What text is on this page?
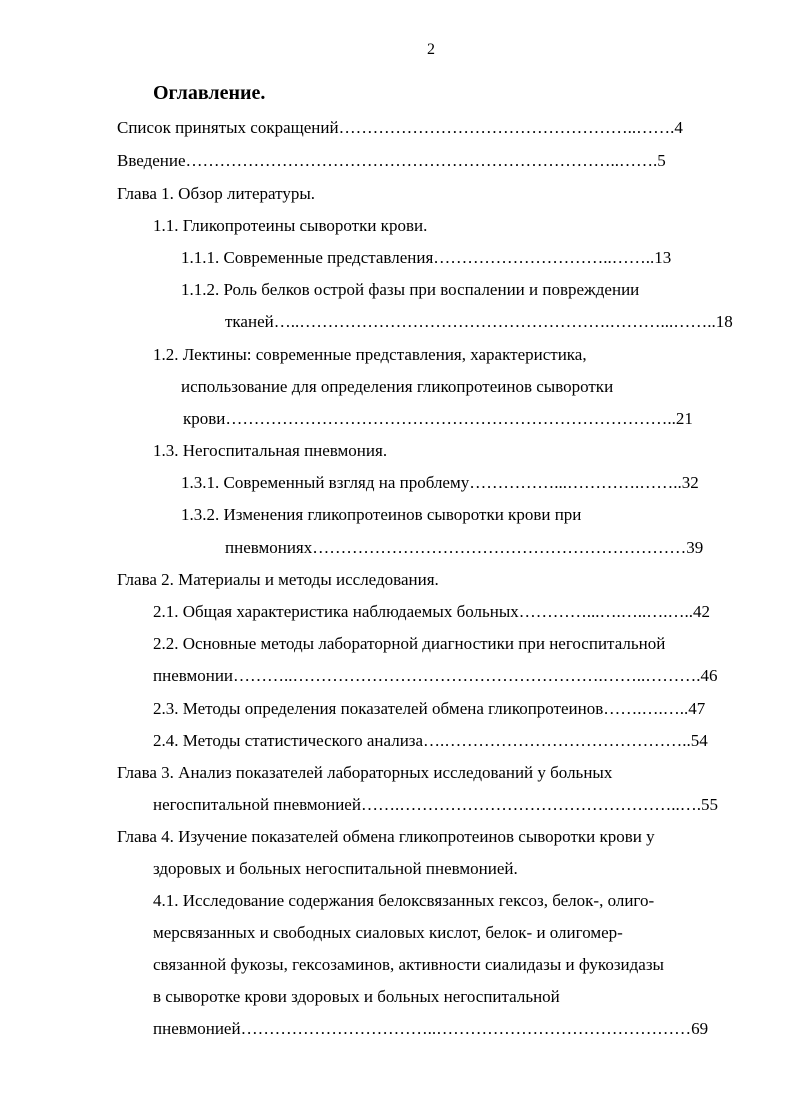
2
Оглавление.
Список принятых сокращений……………………………………………..…….4
Введение…………………………………………………………………..…….5
Глава 1. Обзор литературы.
1.1. Гликопротеины сыворотки крови.
1.1.1. Современные представления…………………………..……..13
1.1.2. Роль белков острой фазы при воспалении и повреждении
тканей…..……………………………………………….………...……..18
1.2. Лектины: современные представления, характеристика,
использование для определения гликопротеинов сыворотки
крови……………………………………………………………………..21
1.3. Негоспитальная пневмония.
1.3.1. Современный взгляд на проблему……………...………….……..32
1.3.2. Изменения гликопротеинов сыворотки крови при
пневмониях…………………………………………………………39
Глава 2. Материалы и методы исследования.
2.1. Общая характеристика наблюдаемых больных…………...….…..….…..42
2.2. Основные методы лабораторной диагностики при негоспитальной
пневмонии………..……………………………………………….……..……….46
2.3. Методы определения показателей обмена гликопротеинов…….….…..47
2.4. Методы статистического анализа….……………………………………..54
Глава 3. Анализ показателей лабораторных исследований у больных
негоспитальной пневмонией…….…………………………………………..….55
Глава 4. Изучение показателей обмена гликопротеинов сыворотки крови у
здоровых и больных негоспитальной пневмонией.
4.1. Исследование содержания белоксвязанных гексоз, белок-, олиго-
мерсвязанных и свободных сиаловых кислот, белок- и олигомер-
связанной фукозы, гексозаминов, активности сиалидазы и фукозидазы
в сыворотке крови здоровых и больных негоспитальной
пневмонией……………………………..………………………………………69
